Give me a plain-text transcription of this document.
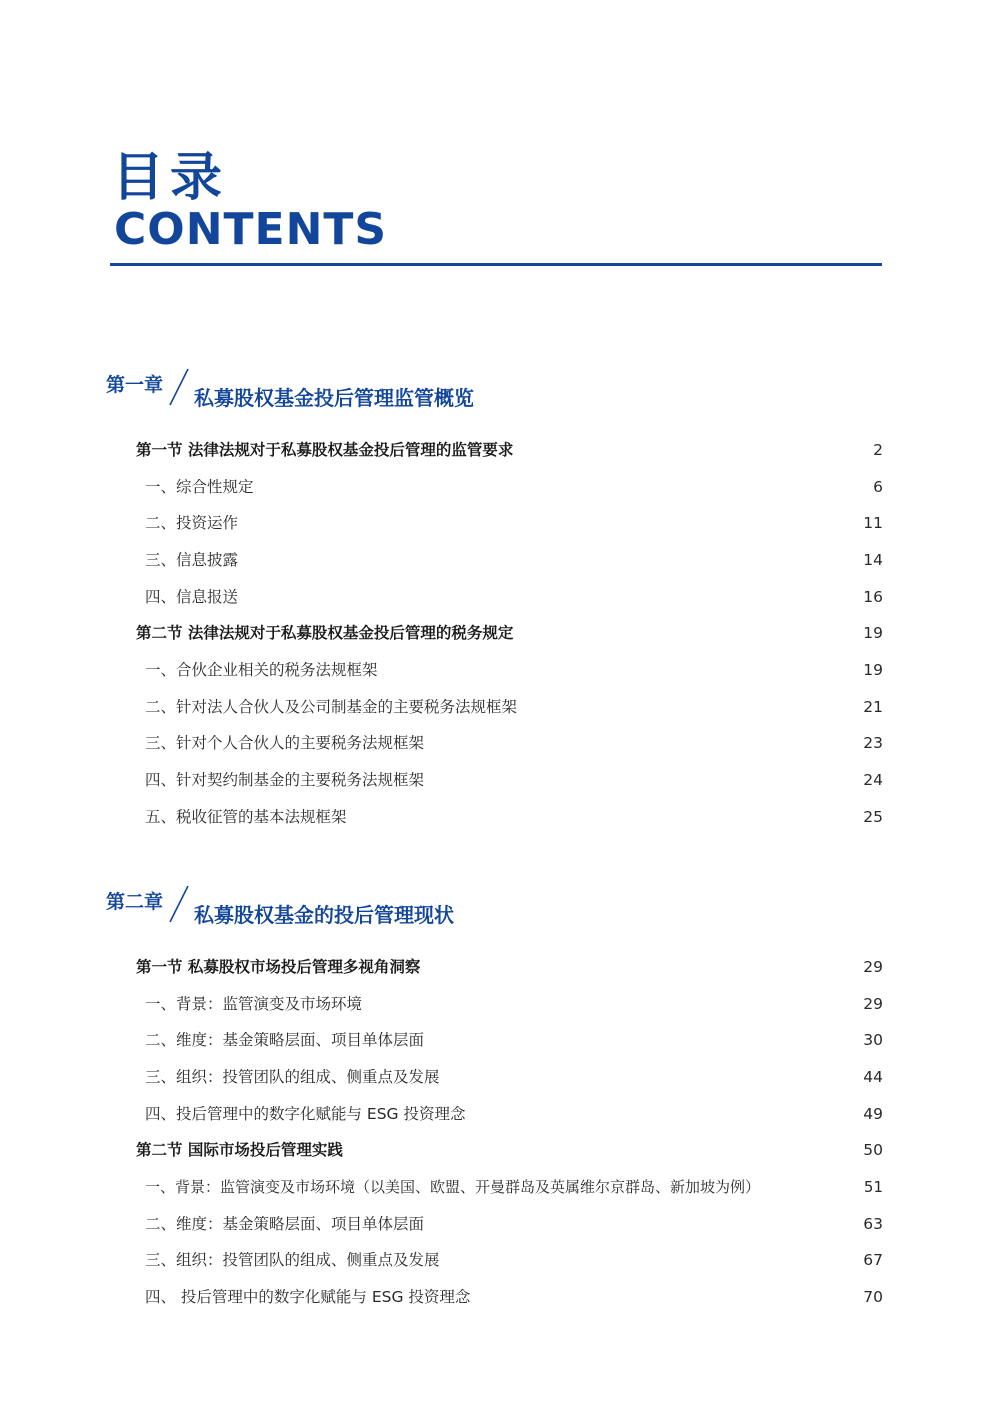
目录
CONTENTS
第一章
私募股权基金投后管理监管概览
第一节 法律法规对于私募股权基金投后管理的监管要求	2
一、综合性规定	6
二、投资运作	11
三、信息披露	14
四、信息报送	16
第二节 法律法规对于私募股权基金投后管理的税务规定	19
一、合伙企业相关的税务法规框架	19
二、针对法人合伙人及公司制基金的主要税务法规框架	21
三、针对个人合伙人的主要税务法规框架	23
四、针对契约制基金的主要税务法规框架	24
五、税收征管的基本法规框架	25
第二章
私募股权基金的投后管理现状
第一节 私募股权市场投后管理多视角洞察	29
一、背景：监管演变及市场环境	29
二、维度：基金策略层面、项目单体层面	30
三、组织：投管团队的组成、侧重点及发展	44
四、投后管理中的数字化赋能与 ESG 投资理念	49
第二节 国际市场投后管理实践	50
一、背景：监管演变及市场环境（以美国、欧盟、开曼群岛及英属维尔京群岛、新加坡为例）	51
二、维度：基金策略层面、项目单体层面	63
三、组织：投管团队的组成、侧重点及发展	67
四、 投后管理中的数字化赋能与 ESG 投资理念	70
